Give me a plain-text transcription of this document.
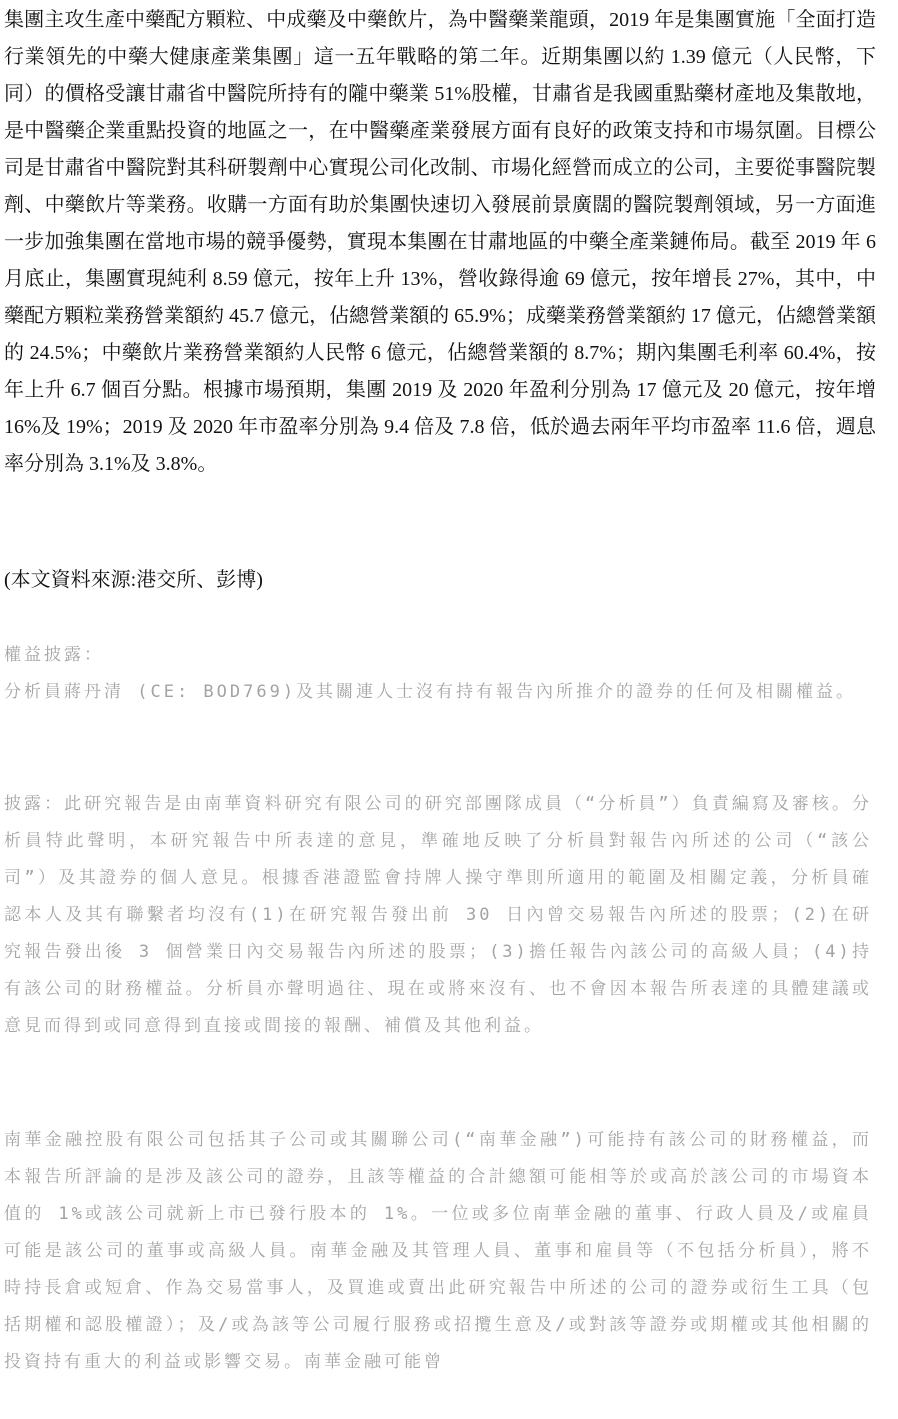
集團主攻生產中藥配方顆粒、中成藥及中藥飲片，為中醫藥業龍頭，2019 年是集團實施「全面打造行業領先的中藥大健康產業集團」這一五年戰略的第二年。近期集團以約 1.39 億元（人民幣，下同）的價格受讓甘肅省中醫院所持有的隴中藥業 51%股權，甘肅省是我國重點藥材產地及集散地，是中醫藥企業重點投資的地區之一，在中醫藥產業發展方面有良好的政策支持和市場氛圍。目標公司是甘肅省中醫院對其科研製劑中心實現公司化改制、市場化經營而成立的公司，主要從事醫院製劑、中藥飲片等業務。收購一方面有助於集團快速切入發展前景廣闊的醫院製劑領域，另一方面進一步加強集團在當地市場的競爭優勢，實現本集團在甘肅地區的中藥全產業鏈佈局。截至 2019 年 6 月底止，集團實現純利 8.59 億元，按年上升 13%，營收錄得逾 69 億元，按年增長 27%，其中，中藥配方顆粒業務營業額約 45.7 億元，佔總營業額的 65.9%；成藥業務營業額約 17 億元，佔總營業額的 24.5%；中藥飲片業務營業額約人民幣 6 億元，佔總營業額的 8.7%；期內集團毛利率 60.4%，按年上升 6.7 個百分點。根據市場預期，集團 2019 及 2020 年盈利分別為 17 億元及 20 億元，按年增 16%及 19%；2019 及 2020 年市盈率分別為 9.4 倍及 7.8 倍，低於過去兩年平均市盈率 11.6 倍，週息率分別為 3.1%及 3.8%。

(本文資料來源:港交所、彭博)
權益披露：

分析員蔣丹清 (CE: BOD769)及其關連人士沒有持有報告內所推介的證券的任何及相關權益。

披露：此研究報告是由南華資料研究有限公司的研究部團隊成員（“分析員”）負責編寫及審核。分析員特此聲明，本研究報告中所表達的意見，準確地反映了分析員對報告內所述的公司（“該公司”）及其證券的個人意見。根據香港證監會持牌人操守準則所適用的範圍及相關定義，分析員確認本人及其有聯繫者均沒有(1)在研究報告發出前 30 日內曾交易報告內所述的股票；(2)在研究報告發出後 3 個營業日內交易報告內所述的股票；(3)擔任報告內該公司的高級人員；(4)持有該公司的財務權益。分析員亦聲明過往、現在或將來沒有、也不會因本報告所表達的具體建議或意見而得到或同意得到直接或間接的報酬、補償及其他利益。

南華金融控股有限公司包括其子公司或其關聯公司(“南華金融”)可能持有該公司的財務權益，而本報告所評論的是涉及該公司的證券，且該等權益的合計總額可能相等於或高於該公司的市場資本值的 1%或該公司就新上市已發行股本的 1%。一位或多位南華金融的董事、行政人員及/或雇員可能是該公司的董事或高級人員。南華金融及其管理人員、董事和雇員等（不包括分析員），將不時持長倉或短倉、作為交易當事人，及買進或賣出此研究報告中所述的公司的證券或衍生工具（包括期權和認股權證）；及/或為該等公司履行服務或招攬生意及/或對該等證券或期權或其他相關的投資持有重大的利益或影響交易。南華金融可能曾
